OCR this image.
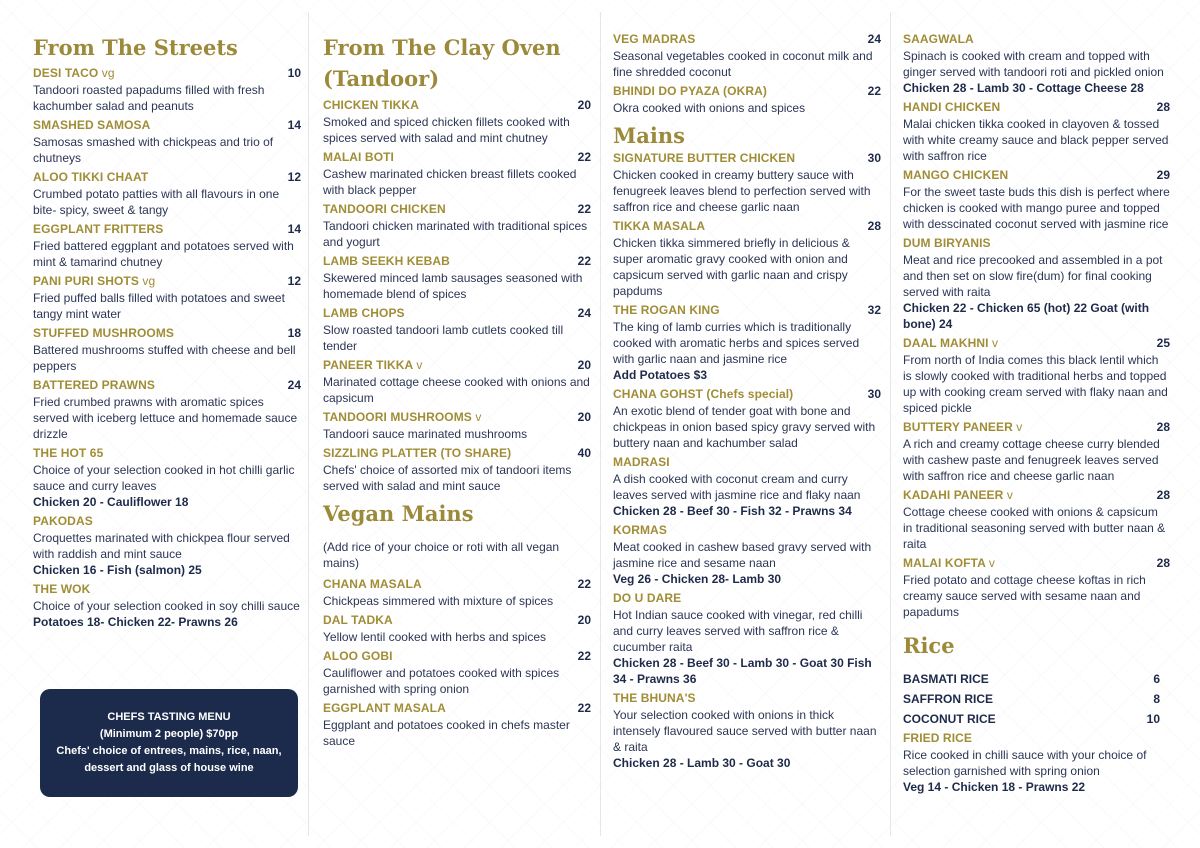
From The Streets
DESI TACO vg	10

Tandoori roasted papadums filled with fresh kachumber salad and peanuts

SMASHED SAMOSA	14

Samosas smashed with chickpeas and trio of chutneys

ALOO TIKKI CHAAT	12

Crumbed potato patties with all flavours in one bite- spicy, sweet & tangy

EGGPLANT FRITTERS	14

Fried battered eggplant and potatoes served with mint & tamarind chutney

PANI PURI SHOTS vg	12

Fried puffed balls filled with potatoes and sweet tangy mint water

STUFFED MUSHROOMS	18

Battered mushrooms stuffed with cheese and bell peppers

BATTERED PRAWNS	24

Fried crumbed prawns with aromatic spices served with iceberg lettuce and homemade sauce drizzle

THE HOT 65

Choice of your selection cooked in hot chilli garlic sauce and curry leaves

Chicken 20 - Cauliflower 18

PAKODAS

Croquettes marinated with chickpea flour served with raddish and mint sauce

Chicken 16 - Fish (salmon) 25

THE WOK

Choice of your selection cooked in soy chilli sauce

Potatoes 18- Chicken 22- Prawns 26

CHEFS TASTING MENU
(Minimum 2 people) $70pp
Chefs' choice of entrees, mains, rice, naan,
dessert and glass of house wine
From The Clay Oven
(Tandoor)
CHICKEN TIKKA	20

Smoked and spiced chicken fillets cooked with spices served with salad and mint chutney

MALAI BOTI	22

Cashew marinated chicken breast fillets cooked with black pepper

TANDOORI CHICKEN	22

Tandoori chicken marinated with traditional spices and yogurt

LAMB SEEKH KEBAB	22

Skewered minced lamb sausages seasoned with homemade blend of spices

LAMB CHOPS	24

Slow roasted tandoori lamb cutlets cooked till tender

PANEER TIKKA v	20

Marinated cottage cheese cooked with onions and capsicum

TANDOORI MUSHROOMS v	20

Tandoori sauce marinated mushrooms

SIZZLING PLATTER (TO SHARE)	40

Chefs' choice of assorted mix of tandoori items served with salad and mint sauce

Vegan Mains

(Add rice of your choice or roti with all vegan mains)

CHANA MASALA	22

Chickpeas simmered with mixture of spices

DAL TADKA	20

Yellow lentil cooked with herbs and spices

ALOO GOBI	22

Cauliflower and potatoes cooked with spices garnished with spring onion

EGGPLANT MASALA	22

Eggplant and potatoes cooked in chefs master sauce

VEG MADRAS	24

Seasonal vegetables cooked in coconut milk and fine shredded coconut

BHINDI DO PYAZA (OKRA)	22

Okra cooked with onions and spices

Mains
SIGNATURE BUTTER CHICKEN	30

Chicken cooked in creamy buttery sauce with fenugreek leaves blend to perfection served with saffron rice and cheese garlic naan

TIKKA MASALA	28

Chicken tikka simmered briefly in delicious & super aromatic gravy cooked with onion and capsicum served with garlic naan and crispy papdums

THE ROGAN KING	32

The king of lamb curries which is traditionally cooked with aromatic herbs and spices served with garlic naan and jasmine rice

Add Potatoes $3

CHANA GOHST (Chefs special)	30

An exotic blend of tender goat with bone and chickpeas in onion based spicy gravy served with buttery naan and kachumber salad

MADRASI

A dish cooked with coconut cream and curry leaves served with jasmine rice and flaky naan

Chicken 28 - Beef 30 - Fish 32 - Prawns 34

KORMAS

Meat cooked in cashew based gravy served with jasmine rice and sesame naan

Veg 26 - Chicken 28- Lamb 30

DO U DARE

Hot Indian sauce cooked with vinegar, red chilli and curry leaves served with saffron rice & cucumber raita

Chicken 28 - Beef 30 - Lamb 30 - Goat 30 Fish 34 - Prawns 36

THE BHUNA'S

Your selection cooked with onions in thick intensely flavoured sauce served with butter naan & raita

Chicken 28 - Lamb 30 - Goat 30

SAAGWALA

Spinach is cooked with cream and topped with ginger served with tandoori roti and pickled onion

Chicken 28 - Lamb 30 - Cottage Cheese 28

HANDI CHICKEN	28

Malai chicken tikka cooked in clayoven & tossed with white creamy sauce and black pepper served with saffron rice

MANGO CHICKEN	29

For the sweet taste buds this dish is perfect where chicken is cooked with mango puree and topped with desscinated coconut served with jasmine rice

DUM BIRYANIS

Meat and rice precooked and assembled in a pot and then set on slow fire(dum) for final cooking served with raita

Chicken 22 - Chicken 65 (hot) 22 Goat (with bone) 24

DAAL MAKHNI v	25

From north of India comes this black lentil which is slowly cooked with traditional herbs and topped up with cooking cream served with flaky naan and spiced pickle

BUTTERY PANEER v	28

A rich and creamy cottage cheese curry blended with cashew paste and fenugreek leaves served with saffron rice and cheese garlic naan

KADAHI PANEER v	28

Cottage cheese cooked with onions & capsicum in traditional seasoning served with butter naan & raita

MALAI KOFTA v	28

Fried potato and cottage cheese koftas in rich creamy sauce served with sesame naan and papadums

Rice
BASMATI RICE	6
SAFFRON RICE	8
COCONUT RICE	10
FRIED RICE

Rice cooked in chilli sauce with your choice of selection garnished with spring onion

Veg 14 - Chicken 18 - Prawns 22
